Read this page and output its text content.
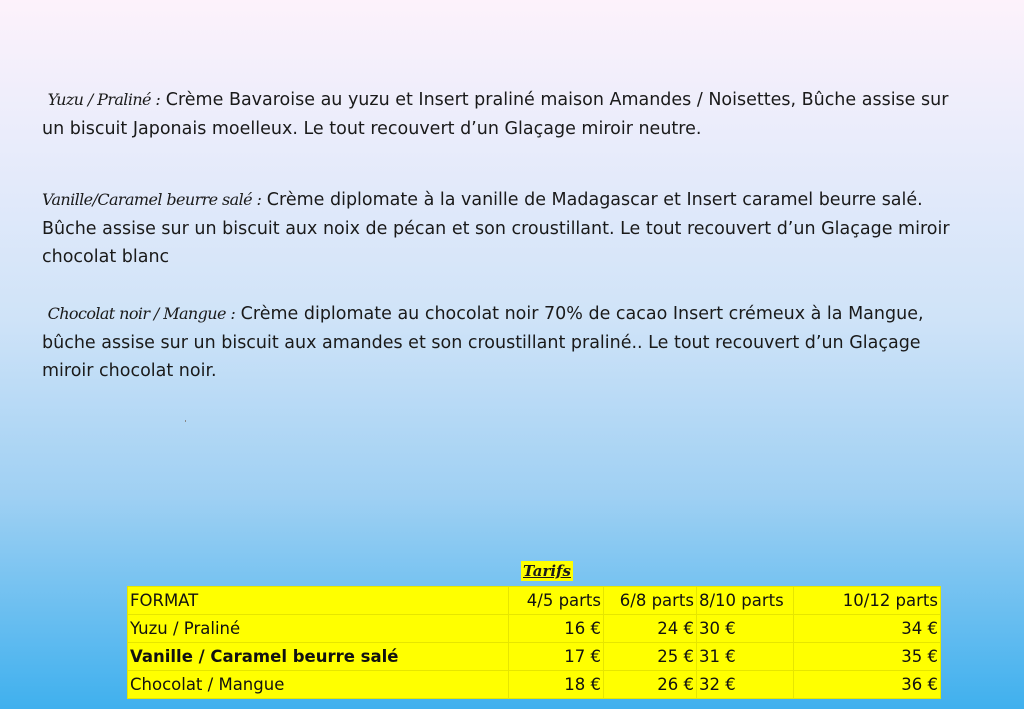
Yuzu / Praliné : Crème Bavaroise au yuzu et Insert praliné maison Amandes / Noisettes, Bûche assise sur un biscuit Japonais moelleux. Le tout recouvert d’un Glaçage miroir neutre.

Vanille/Caramel beurre salé : Crème diplomate à la vanille de Madagascar et Insert caramel beurre salé. Bûche assise sur un biscuit aux noix de pécan et son croustillant. Le tout recouvert d’un Glaçage miroir chocolat blanc

Chocolat noir / Mangue : Crème diplomate au chocolat noir 70% de cacao Insert crémeux à la Mangue, bûche assise sur un biscuit aux amandes et son croustillant praliné.. Le tout recouvert d’un Glaçage miroir chocolat noir.

Tarifs
FORMAT	4/5 parts	6/8 parts	8/10 parts	10/12 parts
Yuzu / Praliné	16 €	24 €	30 €	34 €
Vanille / Caramel beurre salé	17 €	25 €	31 €	35 €
Chocolat / Mangue	18 €	26 €	32 €	36 €
